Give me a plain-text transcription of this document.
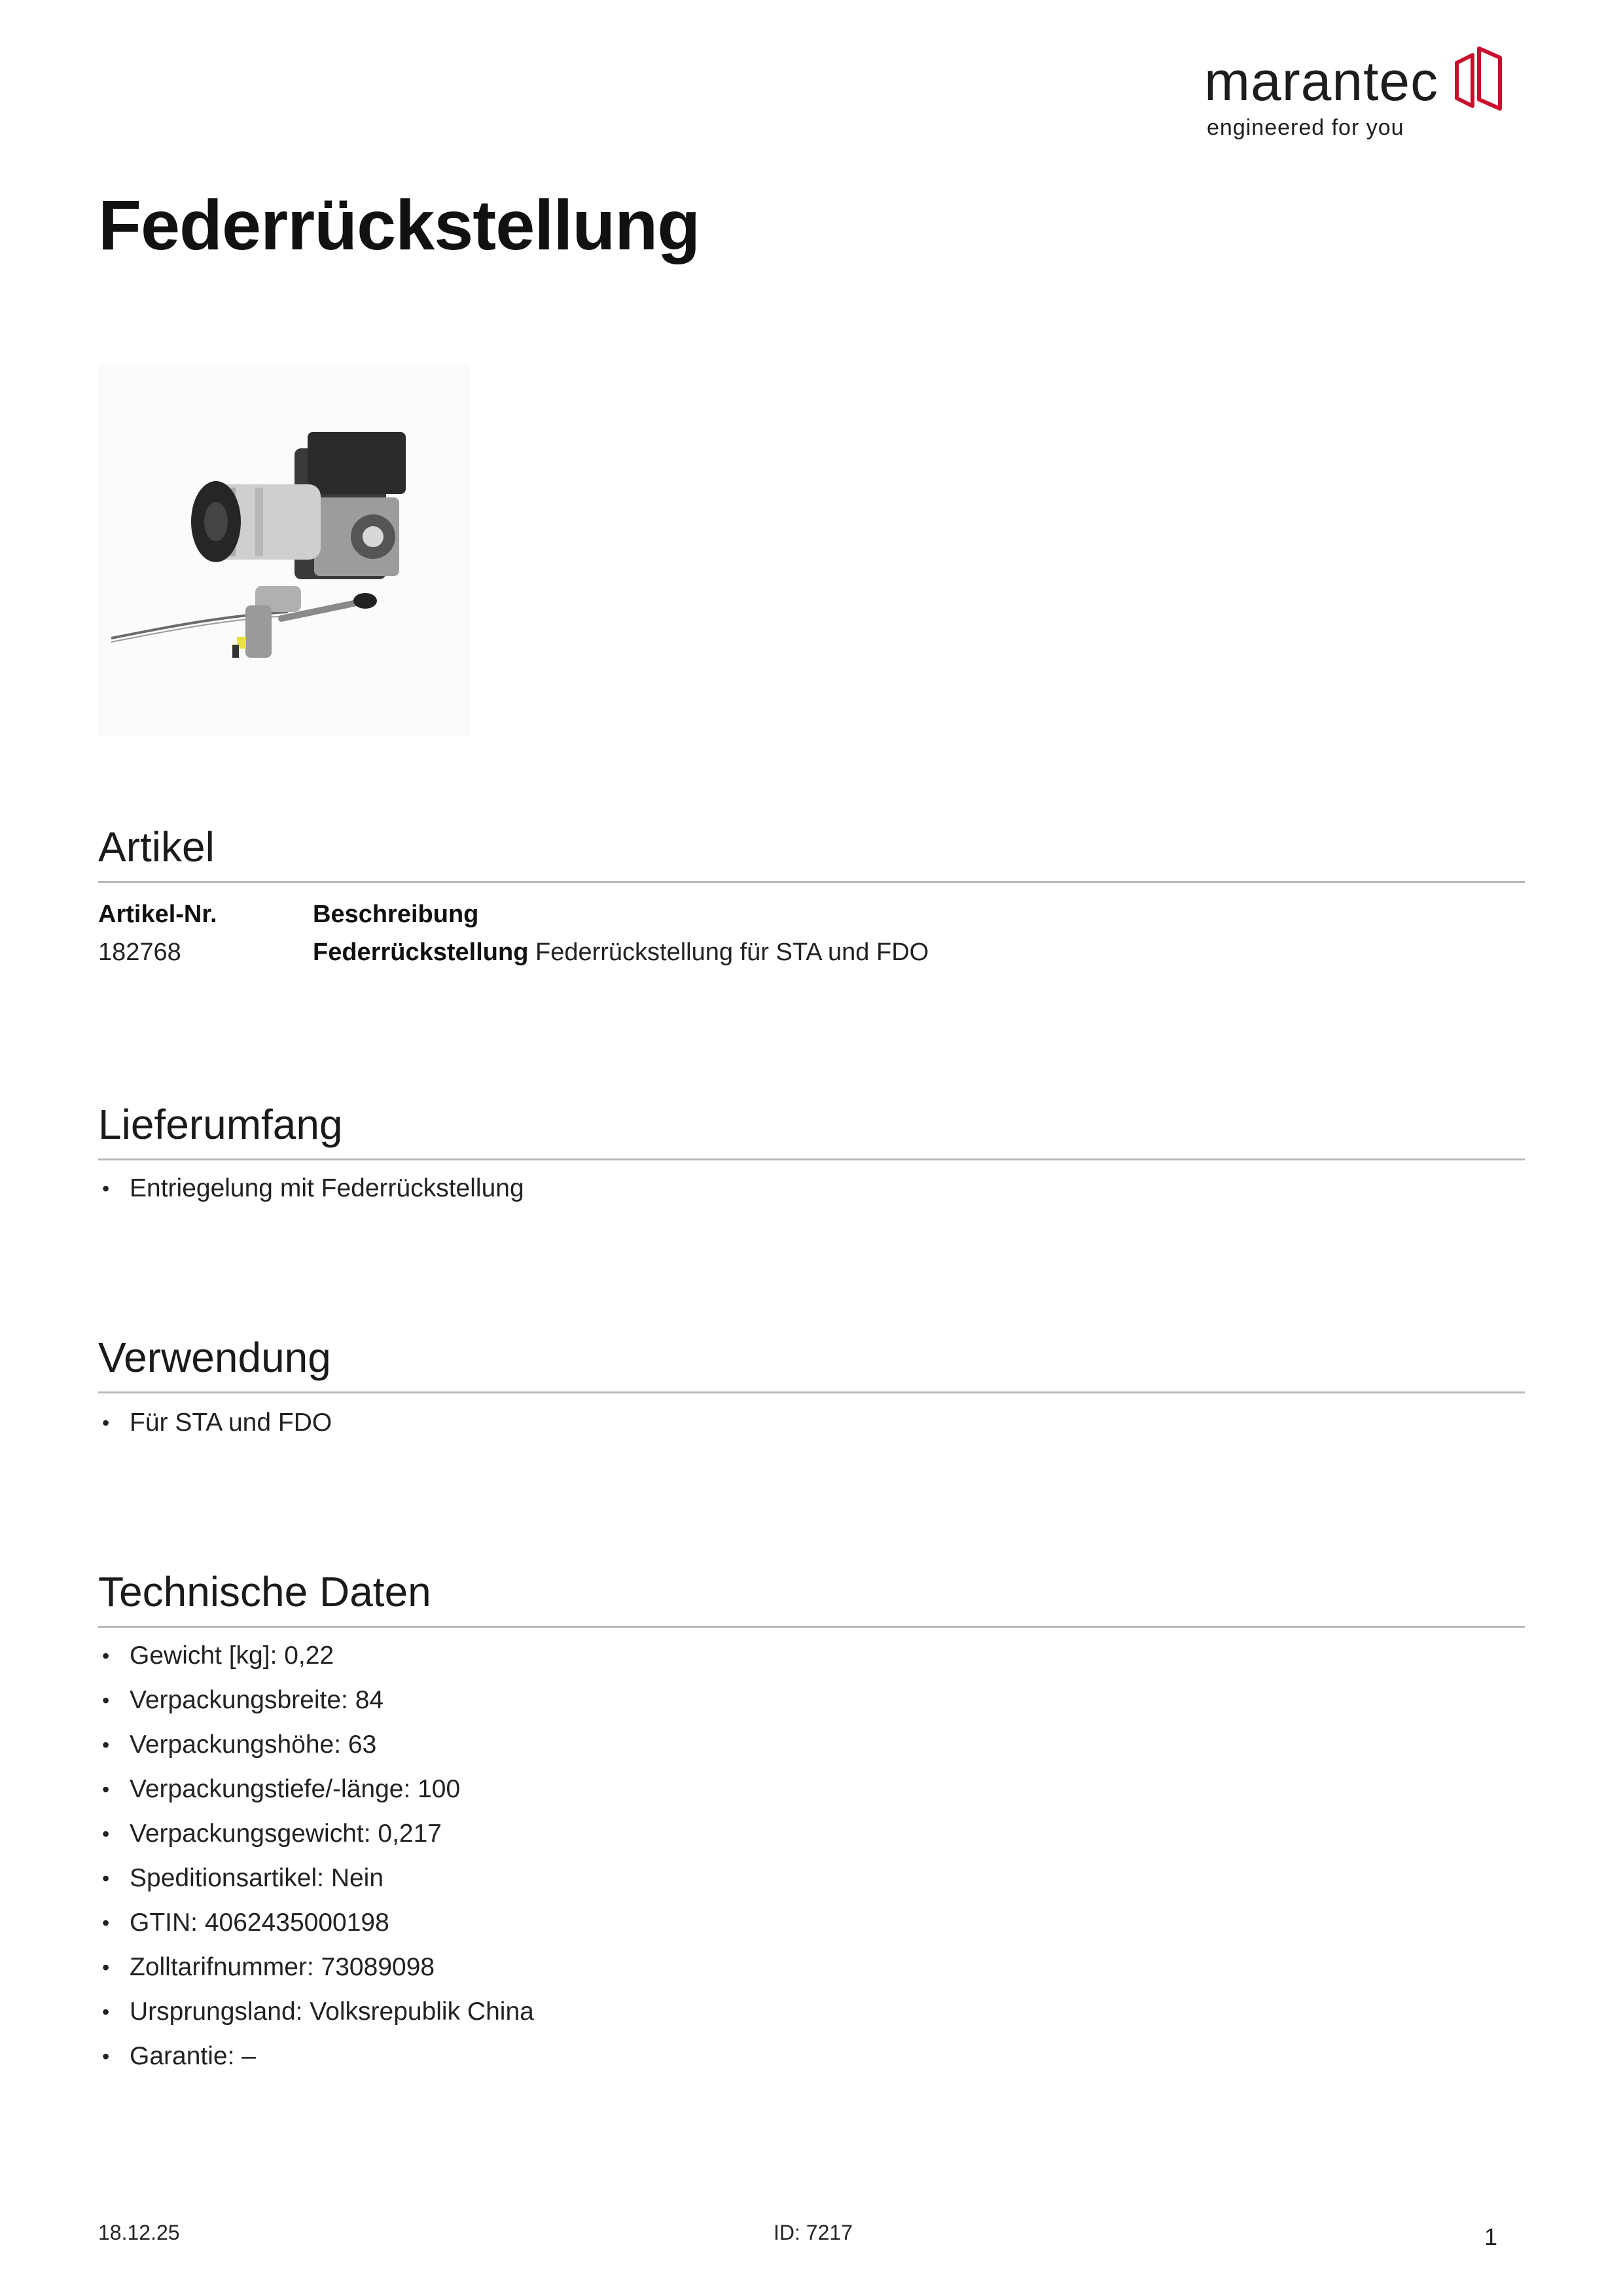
marantec
engineered for you
Federrückstellung
Artikel
Artikel-Nr.	Beschreibung
182768	Federrückstellung Federrückstellung für STA und FDO
Lieferumfang
• Entriegelung mit Federrückstellung
Verwendung
• Für STA und FDO
Technische Daten
• Gewicht [kg]: 0,22
• Verpackungsbreite: 84
• Verpackungshöhe: 63
• Verpackungstiefe/-länge: 100
• Verpackungsgewicht: 0,217
• Speditionsartikel: Nein
• GTIN: 4062435000198
• Zolltarifnummer: 73089098
• Ursprungsland: Volksrepublik China
• Garantie: –
18.12.25	ID: 7217	1
